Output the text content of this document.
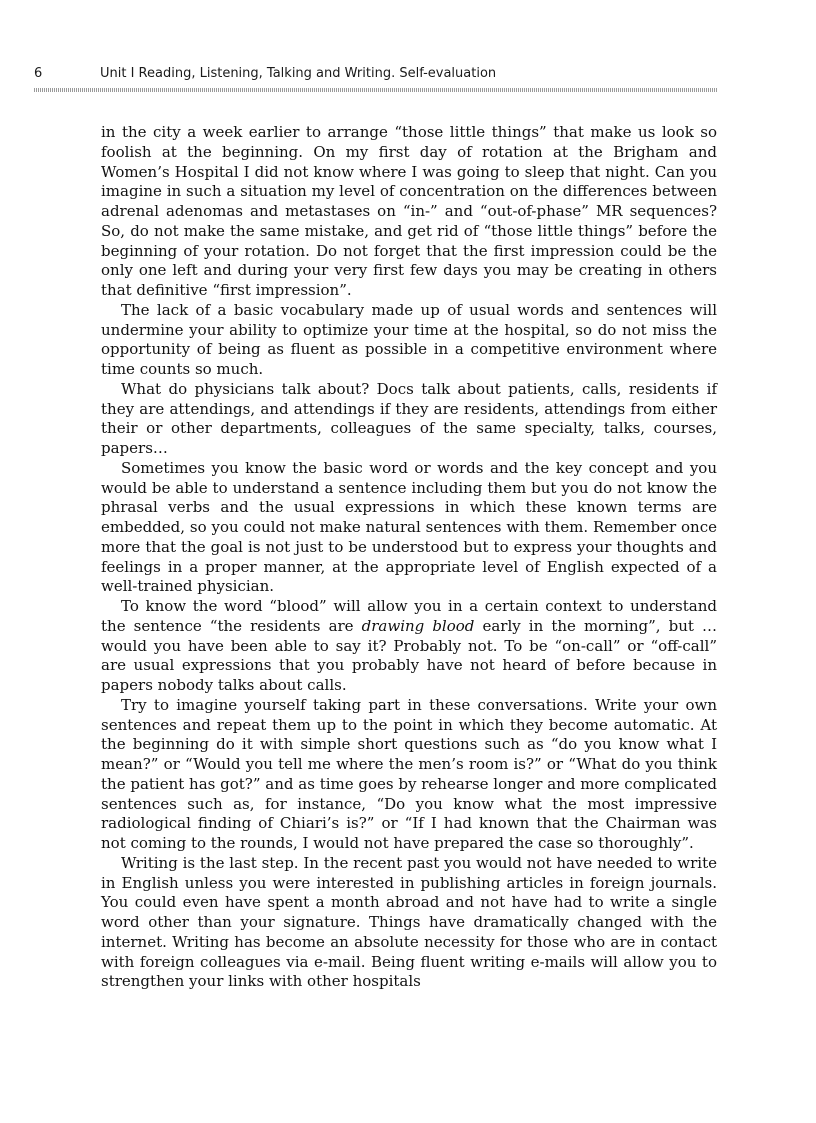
6	Unit I Reading, Listening, Talking and Writing. Self-evaluation

in the city a week earlier to arrange “those little things” that make us look so foolish at the beginning. On my first day of rotation at the Brigham and Women’s Hospital I did not know where I was going to sleep that night. Can you imagine in such a situation my level of concentration on the differences between adrenal adenomas and metastases on “in-” and “out-of-phase” MR sequences? So, do not make the same mistake, and get rid of “those little things” before the beginning of your rotation. Do not forget that the first impression could be the only one left and during your very first few days you may be creating in others that definitive “first impression”.

The lack of a basic vocabulary made up of usual words and sentences will undermine your ability to optimize your time at the hospital, so do not miss the opportunity of being as fluent as possible in a competitive environment where time counts so much.

What do physicians talk about? Docs talk about patients, calls, residents if they are attendings, and attendings if they are residents, attendings from either their or other departments, colleagues of the same specialty, talks, courses, papers…

Sometimes you know the basic word or words and the key concept and you would be able to understand a sentence including them but you do not know the phrasal verbs and the usual expressions in which these known terms are embedded, so you could not make natural sentences with them. Remember once more that the goal is not just to be understood but to express your thoughts and feelings in a proper manner, at the appropriate level of English expected of a well-trained physician.

To know the word “blood” will allow you in a certain context to understand the sentence “the residents are drawing blood early in the morning”, but … would you have been able to say it? Probably not. To be “on-call” or “off-call” are usual expressions that you probably have not heard of before because in papers nobody talks about calls.

Try to imagine yourself taking part in these conversations. Write your own sentences and repeat them up to the point in which they become automatic. At the beginning do it with simple short questions such as “do you know what I mean?” or “Would you tell me where the men’s room is?” or “What do you think the patient has got?” and as time goes by rehearse longer and more complicated sentences such as, for instance, “Do you know what the most impressive radiological finding of Chiari’s is?” or “If I had known that the Chairman was not coming to the rounds, I would not have prepared the case so thoroughly”.

Writing is the last step. In the recent past you would not have needed to write in English unless you were interested in publishing articles in foreign journals. You could even have spent a month abroad and not have had to write a single word other than your signature. Things have dramatically changed with the internet. Writing has become an absolute necessity for those who are in contact with foreign colleagues via e-mail. Being fluent writing e-mails will allow you to strengthen your links with other hospitals
